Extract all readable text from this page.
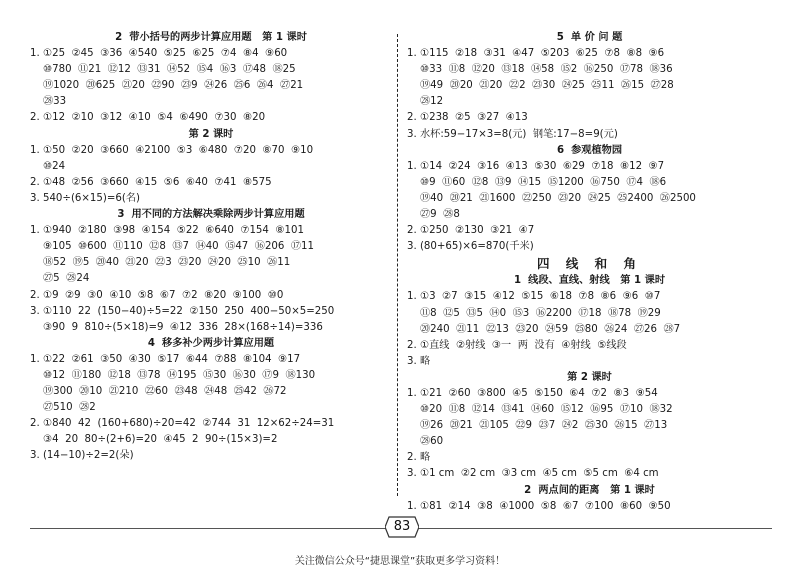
2  带小括号的两步计算应用题   第 1 课时
1. ①25  ②45  ③36  ④540  ⑤25  ⑥25  ⑦4  ⑧4  ⑨60
⑩780  ⑪21  ⑫12  ⑬31  ⑭52  ⑮4  ⑯3  ⑰48  ⑱25
⑲1020  ⑳625  ㉑20  ㉒90  ㉓9  ㉔26  ㉕6  ㉖4  ㉗21
㉘33
2. ①12  ②10  ③12  ④10  ⑤4  ⑥490  ⑦30  ⑧20
第 2 课时
1. ①50  ②20  ③660  ④2100  ⑤3  ⑥480  ⑦20  ⑧70  ⑨10
⑩24
2. ①48  ②56  ③660  ④15  ⑤6  ⑥40  ⑦41  ⑧575
3. 540÷(6×15)=6(名)
3  用不同的方法解决乘除两步计算应用题
1. ①940  ②180  ③98  ④154  ⑤22  ⑥640  ⑦154  ⑧101
⑨105  ⑩600  ⑪110  ⑫8  ⑬7  ⑭40  ⑮47  ⑯206  ⑰11
⑱52  ⑲5  ⑳40  ㉑20  ㉒3  ㉓20  ㉔20  ㉕10  ㉖11
㉗5  ㉘24
2. ①9  ②9  ③0  ④10  ⑤8  ⑥7  ⑦2  ⑧20  ⑨100  ⑩0
3. ①110  22  (150−40)÷5=22  ②150  250  400−50×5=250
③90  9  810÷(5×18)=9  ④12  336  28×(168÷14)=336
4  移多补少两步计算应用题
1. ①22  ②61  ③50  ④30  ⑤17  ⑥44  ⑦88  ⑧104  ⑨17
⑩12  ⑪180  ⑫18  ⑬78  ⑭195  ⑮30  ⑯30  ⑰9  ⑱130
⑲300  ⑳10  ㉑210  ㉒60  ㉓48  ㉔48  ㉕42  ㉖72
㉗510  ㉘2
2. ①840  42  (160+680)÷20=42  ②744  31  12×62÷24=31
③4  20  80÷(2+6)=20  ④45  2  90÷(15×3)=2
3. (14−10)÷2=2(朵)
5  单 价 问 题
1. ①115  ②18  ③31  ④47  ⑤203  ⑥25  ⑦8  ⑧8  ⑨6
⑩33  ⑪8  ⑫20  ⑬18  ⑭58  ⑮2  ⑯250  ⑰78  ⑱36
⑲49  ⑳20  ㉑20  ㉒2  ㉓30  ㉔25  ㉕11  ㉖15  ㉗28
㉘12
2. ①238  ②5  ③27  ④13
3. 水杯:59−17×3=8(元)  钢笔:17−8=9(元)
6  参观植物园
1. ①14  ②24  ③16  ④13  ⑤30  ⑥29  ⑦18  ⑧12  ⑨7
⑩9  ⑪60  ⑫8  ⑬9  ⑭15  ⑮1200  ⑯750  ⑰4  ⑱6
⑲40  ⑳21  ㉑1600  ㉒250  ㉓20  ㉔25  ㉕2400  ㉖2500
㉗9  ㉘8
2. ①250  ②130  ③21  ④7
3. (80+65)×6=870(千米)
四 线 和 角
1  线段、直线、射线   第 1 课时
1. ①3  ②7  ③15  ④12  ⑤15  ⑥18  ⑦8  ⑧6  ⑨6  ⑩7
⑪8  ⑫5  ⑬5  ⑭0  ⑮3  ⑯2200  ⑰18  ⑱78  ⑲29
⑳240  ㉑11  ㉒13  ㉓20  ㉔59  ㉕80  ㉖24  ㉗26  ㉘7
2. ①直线  ②射线  ③一  两  没有  ④射线  ⑤线段
3. 略
第 2 课时
1. ①21  ②60  ③800  ④5  ⑤150  ⑥4  ⑦2  ⑧3  ⑨54
⑩20  ⑪8  ⑫14  ⑬41  ⑭60  ⑮12  ⑯95  ⑰10  ⑱32
⑲26  ⑳21  ㉑105  ㉒9  ㉓7  ㉔2  ㉕30  ㉖15  ㉗13
㉘60
2. 略
3. ①1 cm  ②2 cm  ③3 cm  ④5 cm  ⑤5 cm  ⑥4 cm
2  两点间的距离   第 1 课时
1. ①81  ②14  ③8  ④1000  ⑤8  ⑥7  ⑦100  ⑧60  ⑨50
83
关注微信公众号“捷思课堂”获取更多学习资料！
